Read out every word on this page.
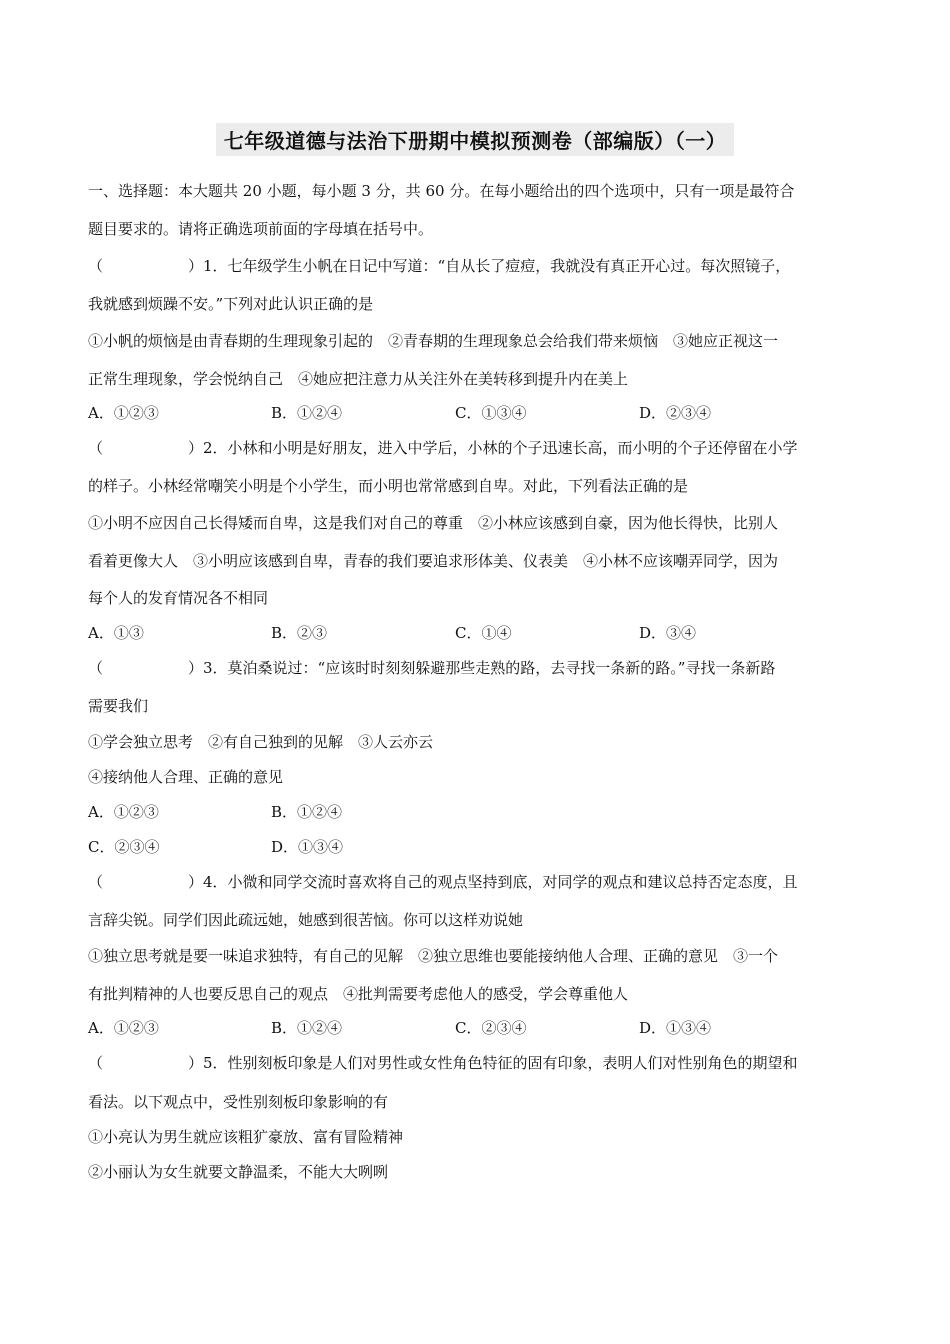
七年级道德与法治下册期中模拟预测卷（部编版）（一）
一、选择题：本大题共 20 小题，每小题 3 分，共 60 分。在每小题给出的四个选项中，只有一项是最符合
题目要求的。请将正确选项前面的字母填在括号中。
（	）1．七年级学生小帆在日记中写道：“自从长了痘痘，我就没有真正开心过。每次照镜子，
我就感到烦躁不安。”下列对此认识正确的是
①小帆的烦恼是由青春期的生理现象引起的　②青春期的生理现象总会给我们带来烦恼　③她应正视这一
正常生理现象，学会悦纳自己　④她应把注意力从关注外在美转移到提升内在美上
A．①②③	B．①②④	C．①③④	D．②③④
（	）2．小林和小明是好朋友，进入中学后，小林的个子迅速长高，而小明的个子还停留在小学
的样子。小林经常嘲笑小明是个小学生，而小明也常常感到自卑。对此，下列看法正确的是
①小明不应因自己长得矮而自卑，这是我们对自己的尊重　②小林应该感到自豪，因为他长得快，比别人
看着更像大人　③小明应该感到自卑，青春的我们要追求形体美、仪表美　④小林不应该嘲弄同学，因为
每个人的发育情况各不相同
A．①③	B．②③	C．①④	D．③④
（	）3．莫泊桑说过：“应该时时刻刻躲避那些走熟的路，去寻找一条新的路。”寻找一条新路
需要我们
①学会独立思考　②有自己独到的见解　③人云亦云
④接纳他人合理、正确的意见
A．①②③	B．①②④
C．②③④	D．①③④
（	）4．小微和同学交流时喜欢将自己的观点坚持到底，对同学的观点和建议总持否定态度，且
言辞尖锐。同学们因此疏远她，她感到很苦恼。你可以这样劝说她
①独立思考就是要一味追求独特，有自己的见解　②独立思维也要能接纳他人合理、正确的意见　③一个
有批判精神的人也要反思自己的观点　④批判需要考虑他人的感受，学会尊重他人
A．①②③	B．①②④	C．②③④	D．①③④
（	）5．性别刻板印象是人们对男性或女性角色特征的固有印象，表明人们对性别角色的期望和
看法。以下观点中，受性别刻板印象影响的有
①小亮认为男生就应该粗犷豪放、富有冒险精神
②小丽认为女生就要文静温柔，不能大大咧咧
